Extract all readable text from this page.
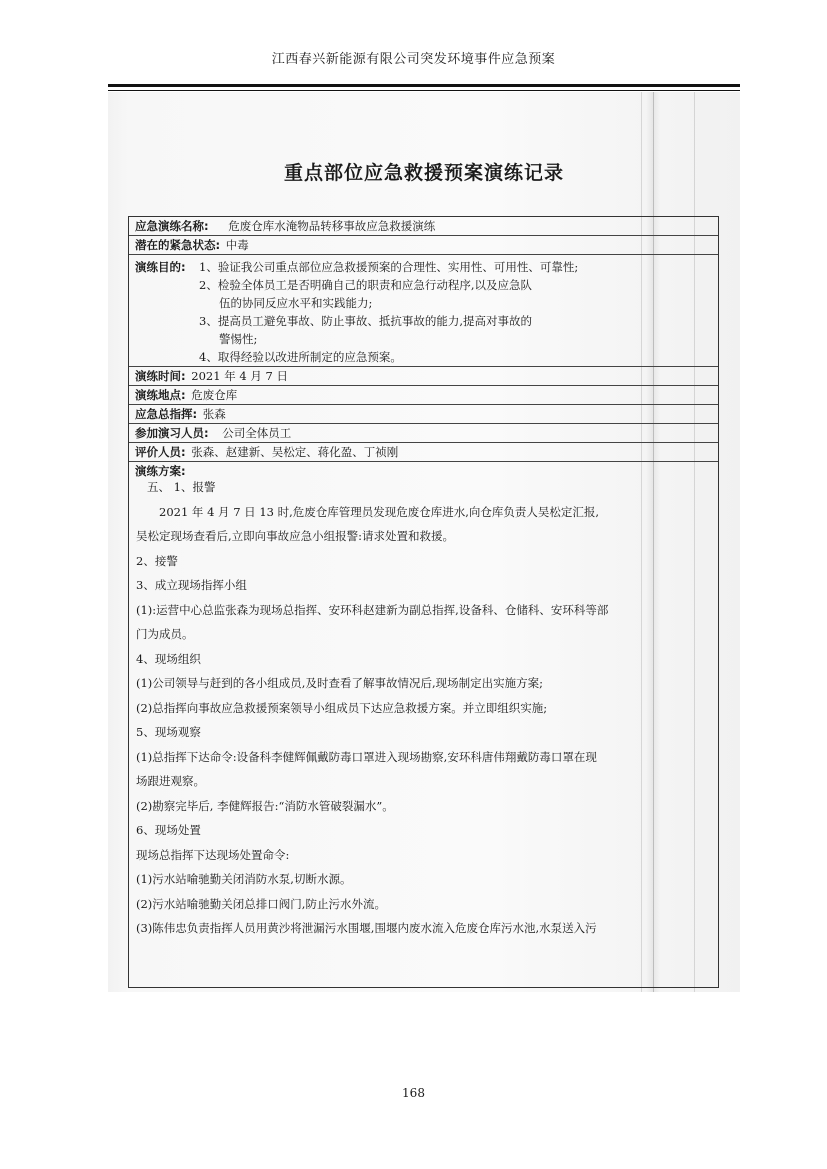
江西春兴新能源有限公司突发环境事件应急预案
重点部位应急救援预案演练记录
应急演练名称: 危废仓库水淹物品转移事故应急救援演练
潜在的紧急状态: 中毒
演练目的: 1、验证我公司重点部位应急救援预案的合理性、实用性、可用性、可靠性;
2、检验全体员工是否明确自己的职责和应急行动程序,以及应急队
伍的协同反应水平和实践能力;
3、提高员工避免事故、防止事故、抵抗事故的能力,提高对事故的
警惕性;
4、取得经验以改进所制定的应急预案。
演练时间: 2021 年 4 月 7 日
演练地点: 危废仓库
应急总指挥: 张森
参加演习人员: 公司全体员工
评价人员: 张森、赵建新、吴松定、蒋化盈、丁祯刚
演练方案:
五、 1、报警
2021 年 4 月 7 日 13 时,危废仓库管理员发现危废仓库进水,向仓库负责人吴松定汇报,
吴松定现场查看后,立即向事故应急小组报警:请求处置和救援。
2、接警
3、成立现场指挥小组
(1):运营中心总监张森为现场总指挥、安环科赵建新为副总指挥,设备科、仓储科、安环科等部
门为成员。
4、现场组织
(1)公司领导与赶到的各小组成员,及时查看了解事故情况后,现场制定出实施方案;
(2)总指挥向事故应急救援预案领导小组成员下达应急救援方案。并立即组织实施;
5、现场观察
(1)总指挥下达命令:设备科李健辉佩戴防毒口罩进入现场勘察,安环科唐伟翔戴防毒口罩在现
场跟进观察。
(2)勘察完毕后, 李健辉报告:“消防水管破裂漏水”。
6、现场处置
现场总指挥下达现场处置命令:
(1)污水站喻驰勤关闭消防水泵,切断水源。
(2)污水站喻驰勤关闭总排口阀门,防止污水外流。
(3)陈伟忠负责指挥人员用黄沙将泄漏污水围堰,围堰内废水流入危废仓库污水池,水泵送入污
168
